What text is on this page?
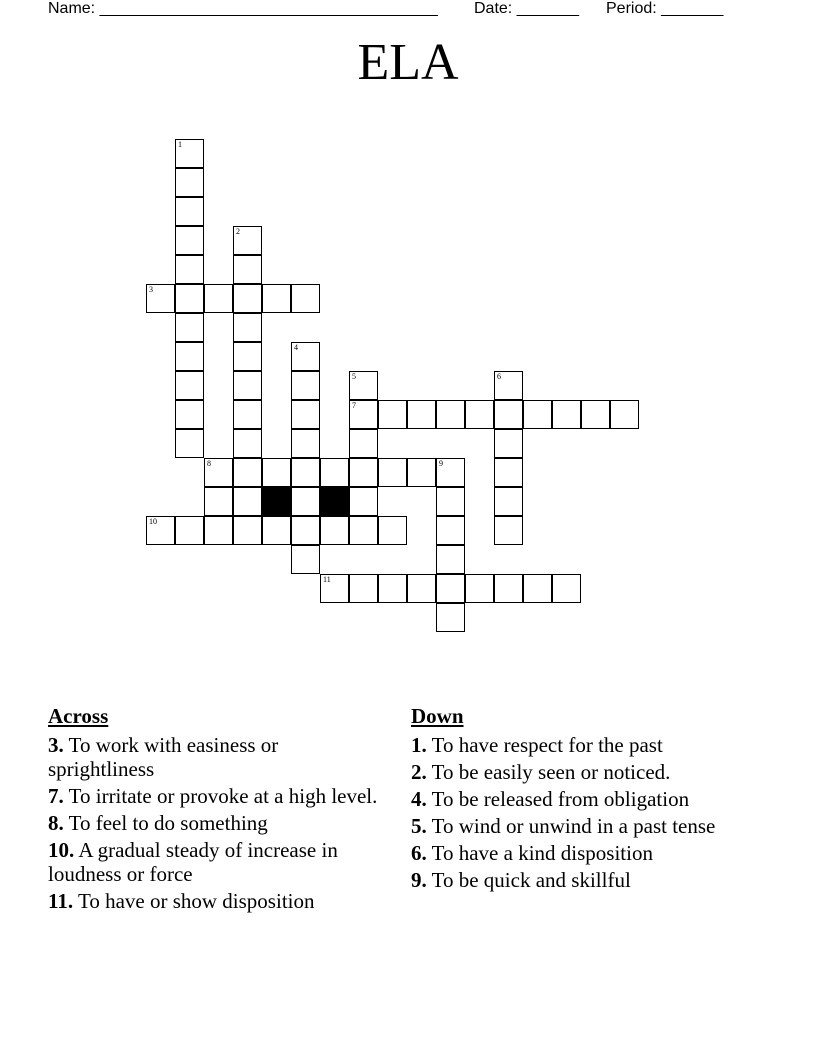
Name: ______________________________________ Date: _______ Period: _______
ELA
1
2
3
4
5
7
6
8	9
10
11
Across
3. To work with easiness or sprightliness
7. To irritate or provoke at a high level.
8. To feel to do something
10. A gradual steady of increase in loudness or force
11. To have or show disposition
Down
1. To have respect for the past
2. To be easily seen or noticed.
4. To be released from obligation
5. To wind or unwind in a past tense
6. To have a kind disposition
9. To be quick and skillful
